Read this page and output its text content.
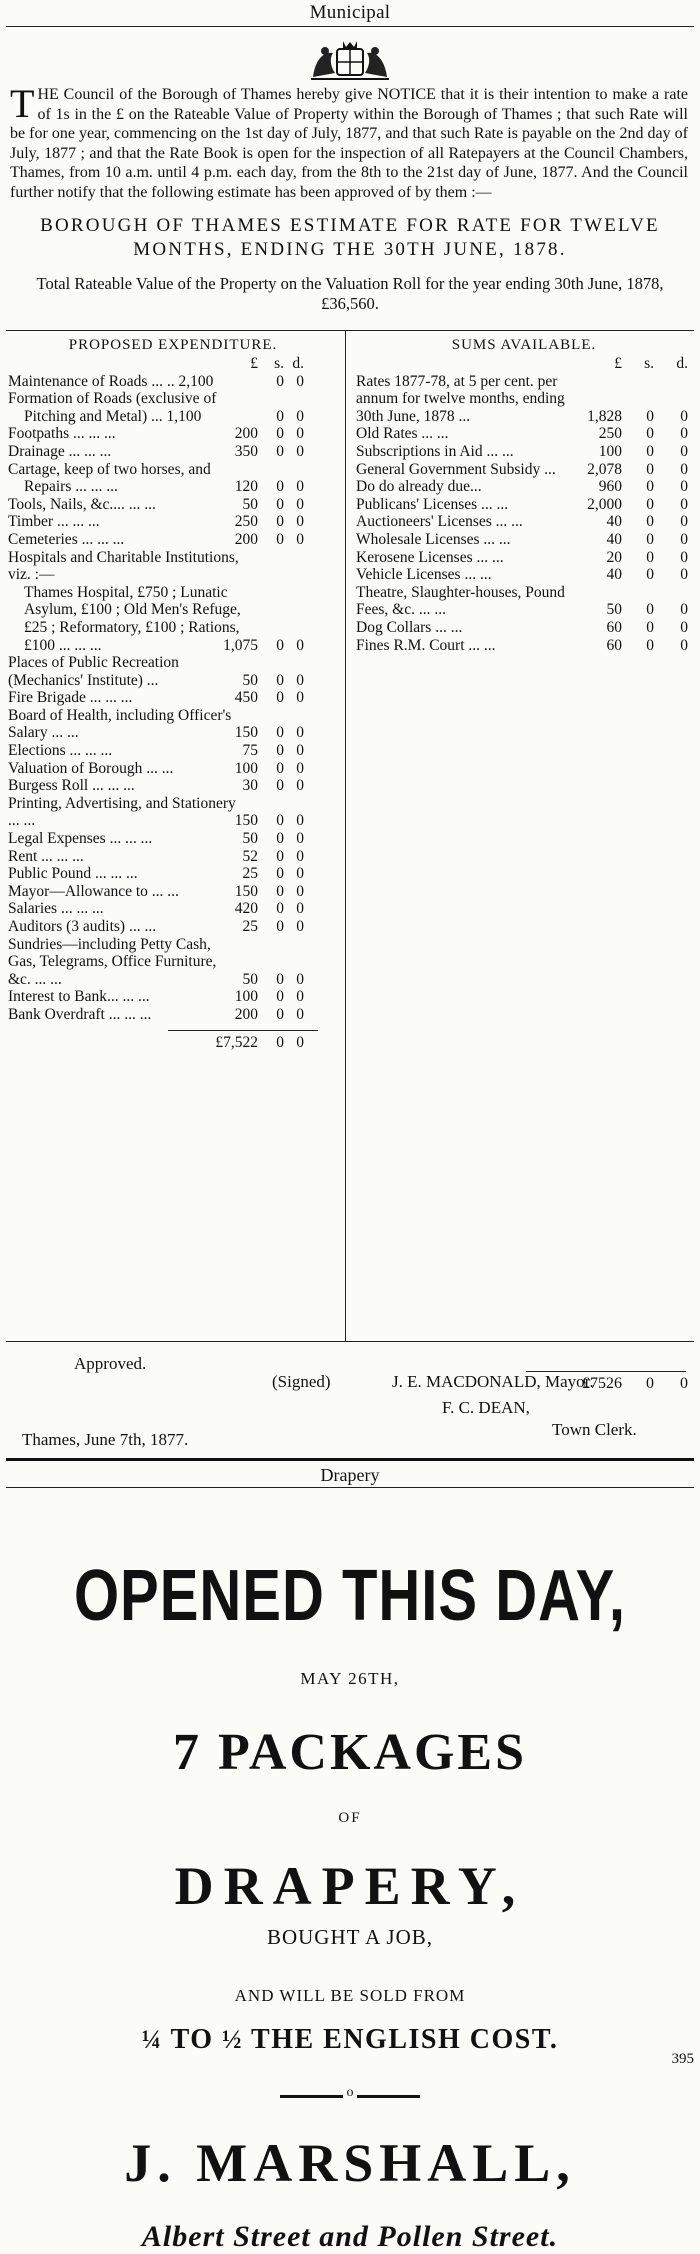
Municipal
THE Council of the Borough of Thames hereby give NOTICE that it is their intention to make a rate of 1s in the £ on the Rateable Value of Property within the Borough of Thames ; that such Rate will be for one year, commencing on the 1st day of July, 1877, and that such Rate is payable on the 2nd day of July, 1877 ; and that the Rate Book is open for the inspection of all Ratepayers at the Council Chambers, Thames, from 10 a.m. until 4 p.m. each day, from the 8th to the 21st day of June, 1877. And the Council further notify that the following estimate has been approved of by them :—
BOROUGH OF THAMES ESTIMATE FOR RATE FOR TWELVE MONTHS, ENDING THE 30TH JUNE, 1878.
Total Rateable Value of the Property on the Valuation Roll for the year ending 30th June, 1878, £36,560.
PROPOSED EXPENDITURE.
£ s. d.
Maintenance of Roads ... .. 2,100	0 0
Formation of Roads (exclusive of
Pitching and Metal) ... 1,100	0 0
Footpaths ... ... ...	200 0 0
Drainage ... ... ...	350 0 0
Cartage, keep of two horses, and
Repairs ... ... ...	120 0 0
Tools, Nails, &c.... ... ...	50 0 0
Timber ... ... ...	250 0 0
Cemeteries ... ... ...	200 0 0
Hospitals and Charitable Institutions, viz. :—
Thames Hospital, £750 ; Lunatic Asylum, £100 ; Old Men's Refuge, £25 ; Reformatory, £100 ; Rations,
£100 ... ... ...	1,075 0 0
Places of Public Recreation (Mechanics' Institute) ...	50 0 0
Fire Brigade ... ... ...	450 0 0
Board of Health, including Officer's Salary ... ...	150 0 0
Elections ... ... ...	75 0 0
Valuation of Borough ... ...	100 0 0
Burgess Roll ... ... ...	30 0 0
Printing, Advertising, and Stationery ... ...	150 0 0
Legal Expenses ... ... ...	50 0 0
Rent ... ... ...	52 0 0
Public Pound ... ... ...	25 0 0
Mayor—Allowance to ... ...	150 0 0
Salaries ... ... ...	420 0 0
Auditors (3 audits) ... ...	25 0 0
Sundries—including Petty Cash, Gas, Telegrams, Office Furniture, &c. ... ...	50 0 0
Interest to Bank... ... ...	100 0 0
Bank Overdraft ... ... ...	200 0 0
£7,522 0 0
SUMS AVAILABLE.
£ s. d.
Rates 1877-78, at 5 per cent. per annum for twelve months, ending 30th June, 1878 ...	1,828 0 0
Old Rates ... ...	250 0 0
Subscriptions in Aid ... ...	100 0 0
General Government Subsidy ...	2,078 0 0
Do do already due...	960 0 0
Publicans' Licenses ... ...	2,000 0 0
Auctioneers' Licenses ... ...	40 0 0
Wholesale Licenses ... ...	40 0 0
Kerosene Licenses ... ...	20 0 0
Vehicle Licenses ... ...	40 0 0
Theatre, Slaughter-houses, Pound Fees, &c. ... ...	50 0 0
Dog Collars ... ...	60 0 0
Fines R.M. Court ... ...	60 0 0
£7526 0 0
Approved.
(Signed)	J. E. MACDONALD, Mayor.
F. C. DEAN,
Town Clerk.
Thames, June 7th, 1877.
Drapery
OPENED THIS DAY,
MAY 26TH,
7 PACKAGES
OF
DRAPERY,
BOUGHT A JOB,
AND WILL BE SOLD FROM
¼ TO ½ THE ENGLISH COST.
o
J. MARSHALL,
Albert Street and Pollen Street.
395
